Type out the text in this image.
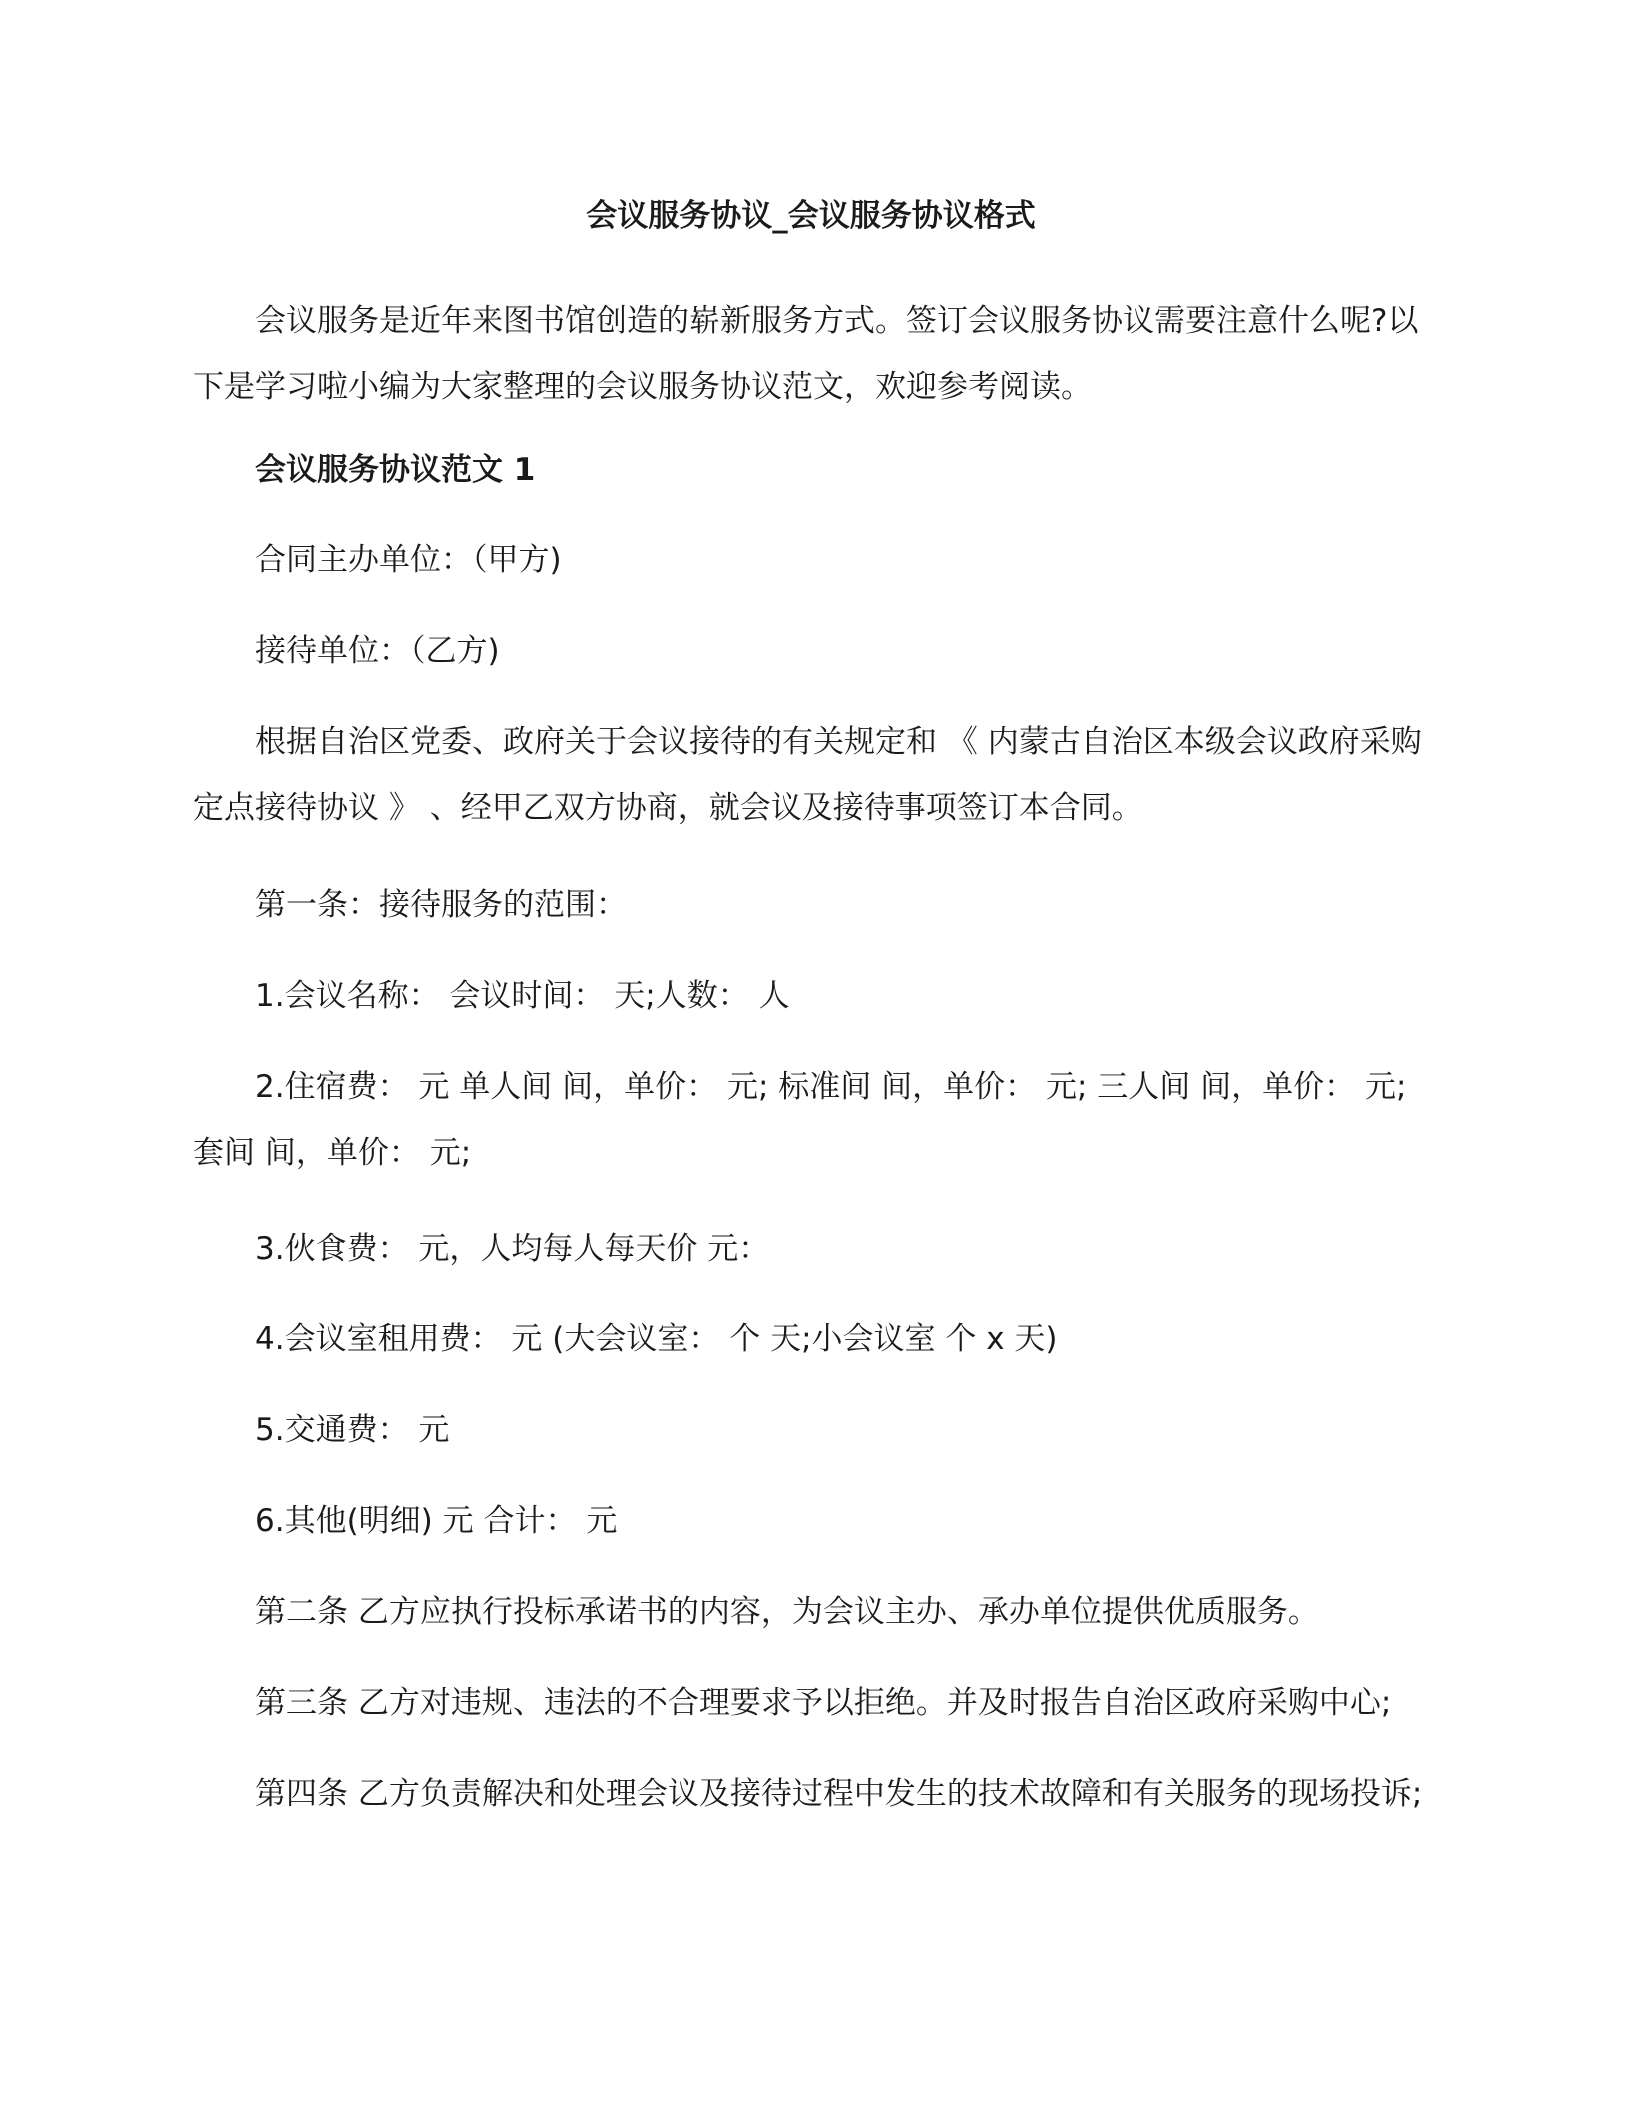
会议服务协议_会议服务协议格式

会议服务是近年来图书馆创造的崭新服务方式。签订会议服务协议需要注意什么呢?以下是学习啦小编为大家整理的会议服务协议范文，欢迎参考阅读。

会议服务协议范文 1

合同主办单位：（甲方)

接待单位：（乙方)

根据自治区党委、政府关于会议接待的有关规定和 《 内蒙古自治区本级会议政府采购定点接待协议 》 、经甲乙双方协商，就会议及接待事项签订本合同。

第一条：接待服务的范围：

1.会议名称： 会议时间： 天;人数： 人

2.住宿费： 元 单人间 间，单价： 元; 标准间 间，单价： 元; 三人间 间，单价： 元; 套间 间，单价： 元;

3.伙食费： 元，人均每人每天价 元：

4.会议室租用费： 元 (大会议室： 个 天;小会议室 个 x 天)

5.交通费： 元

6.其他(明细) 元 合计： 元

第二条 乙方应执行投标承诺书的内容，为会议主办、承办单位提供优质服务。

第三条 乙方对违规、违法的不合理要求予以拒绝。并及时报告自治区政府采购中心;

第四条 乙方负责解决和处理会议及接待过程中发生的技术故障和有关服务的现场投诉;
